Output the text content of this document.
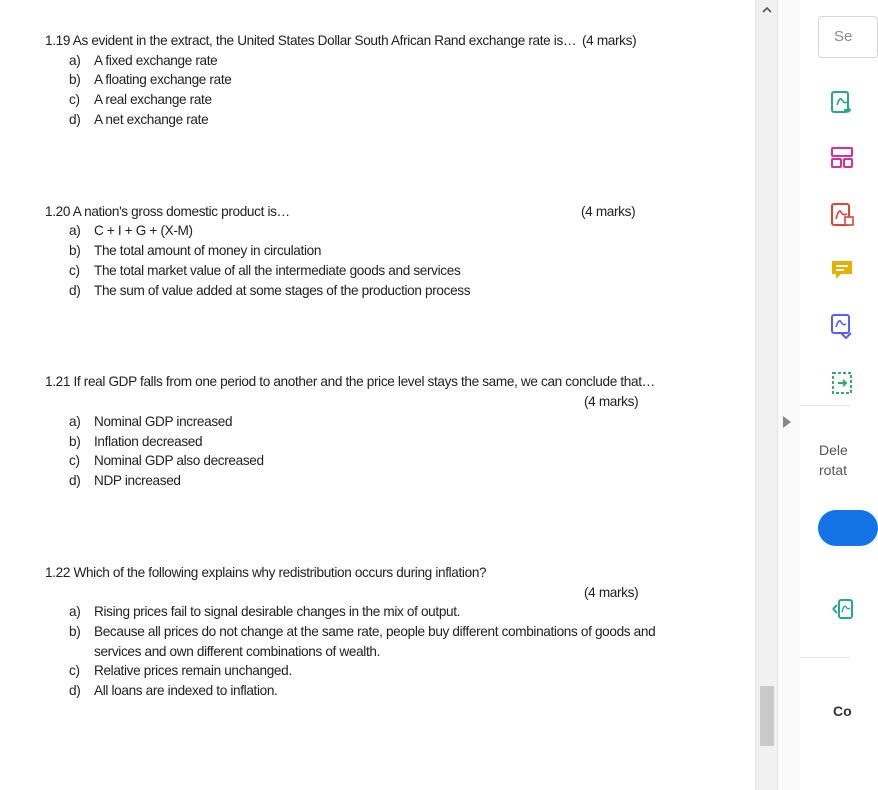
1.19 As evident in the extract, the United States Dollar South African Rand exchange rate is… (4 marks)
a) A fixed exchange rate
b) A floating exchange rate
c) A real exchange rate
d) A net exchange rate
1.20 A nation's gross domestic product is…	(4 marks)
a) C + I + G + (X-M)
b) The total amount of money in circulation
c) The total market value of all the intermediate goods and services
d) The sum of value added at some stages of the production process
1.21 If real GDP falls from one period to another and the price level stays the same, we can conclude that…
(4 marks)
a) Nominal GDP increased
b) Inflation decreased
c) Nominal GDP also decreased
d) NDP increased
1.22 Which of the following explains why redistribution occurs during inflation?
(4 marks)
a) Rising prices fail to signal desirable changes in the mix of output.
b) Because all prices do not change at the same rate, people buy different combinations of goods and
services and own different combinations of wealth.
c) Relative prices remain unchanged.
d) All loans are indexed to inflation.
Se
Dele
rotat
Co
